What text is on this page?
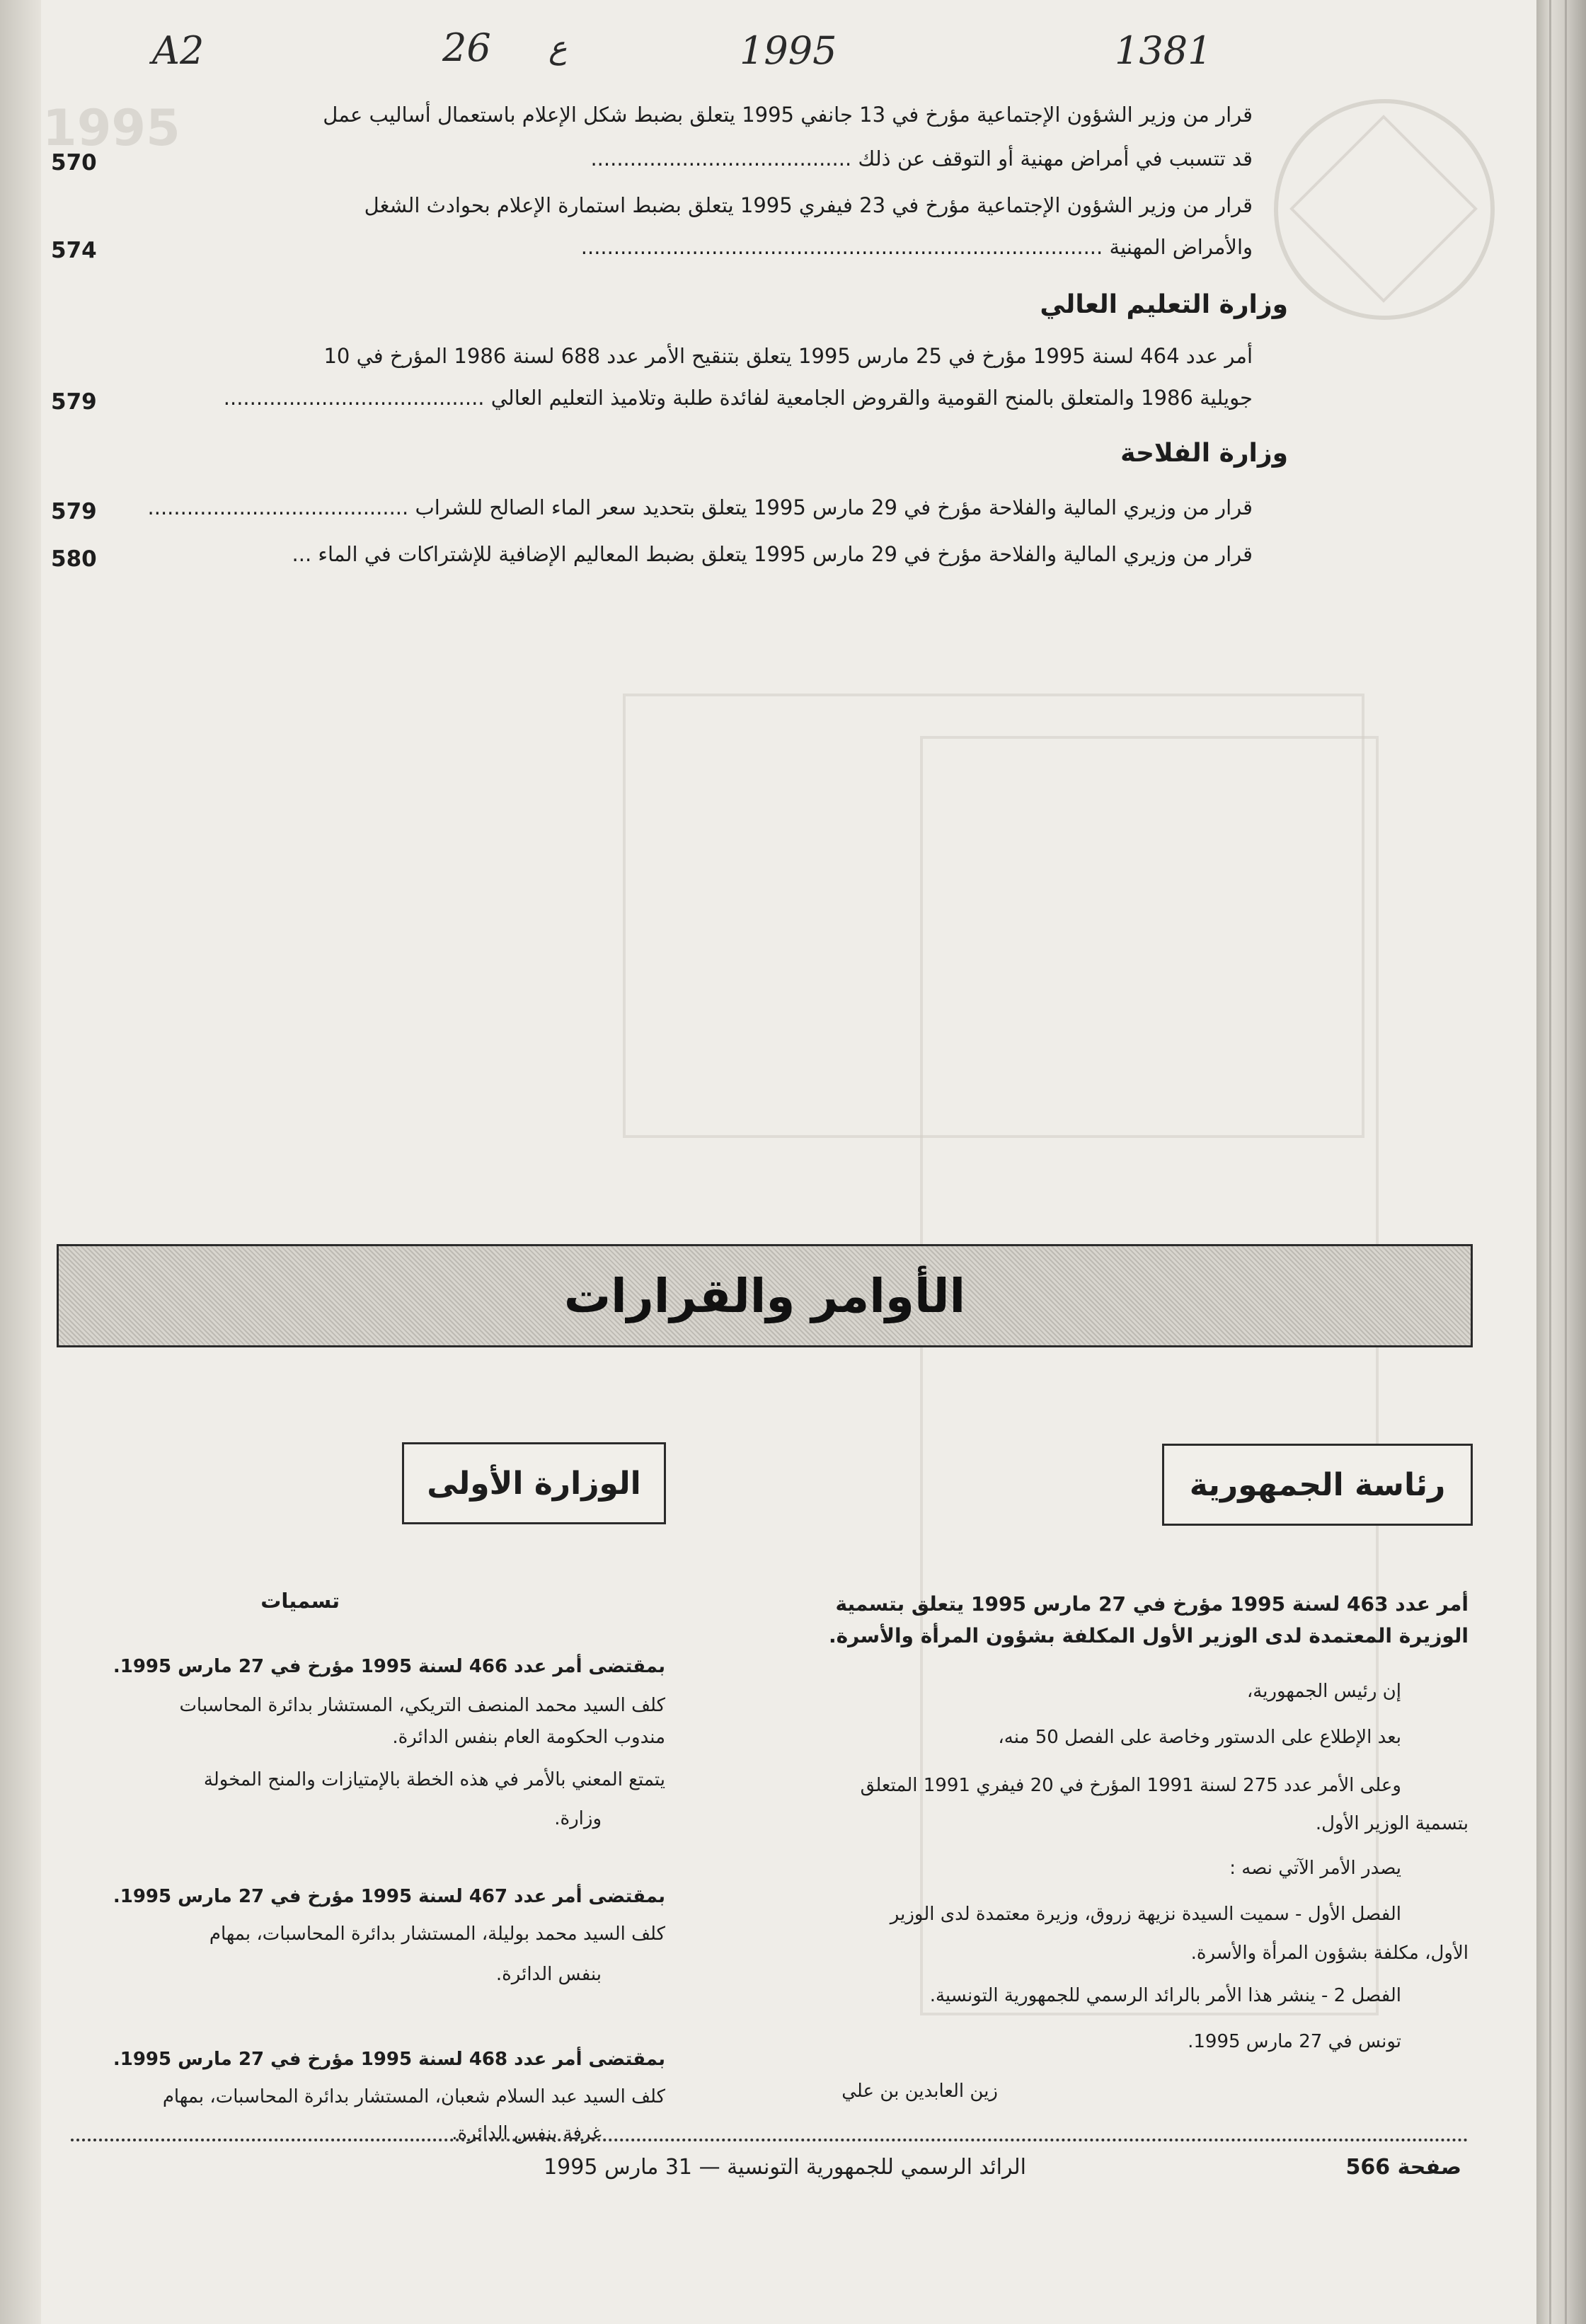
1995
A2	26 ع	1995	1381
قرار من وزير الشؤون الإجتماعية مؤرخ في 13 جانفي 1995 يتعلق بضبط شكل الإعلام باستعمال أساليب عمل
قد تتسبب في أمراض مهنية أو التوقف عن ذلك ........................................
570
قرار من وزير الشؤون الإجتماعية مؤرخ في 23 فيفري 1995 يتعلق بضبط استمارة الإعلام بحوادث الشغل
والأمراض المهنية ................................................................................
574
وزارة التعليم العالي
أمر عدد 464 لسنة 1995 مؤرخ في 25 مارس 1995 يتعلق بتنقيح الأمر عدد 688 لسنة 1986 المؤرخ في 10
جويلية 1986 والمتعلق بالمنح القومية والقروض الجامعية لفائدة طلبة وتلاميذ التعليم العالي ........................................
579
وزارة الفلاحة
قرار من وزيري المالية والفلاحة مؤرخ في 29 مارس 1995 يتعلق بتحديد سعر الماء الصالح للشراب ........................................
579
قرار من وزيري المالية والفلاحة مؤرخ في 29 مارس 1995 يتعلق بضبط المعاليم الإضافية للإشتراكات في الماء ...
580
الأوامر والقرارات
رئاسة الجمهورية
الوزارة الأولى
أمر عدد 463 لسنة 1995 مؤرخ في 27 مارس 1995 يتعلق بتسمية
الوزيرة المعتمدة لدى الوزير الأول المكلفة بشؤون المرأة والأسرة.
إن رئيس الجمهورية،
بعد الإطلاع على الدستور وخاصة على الفصل 50 منه،
وعلى الأمر عدد 275 لسنة 1991 المؤرخ في 20 فيفري 1991 المتعلق
بتسمية الوزير الأول.
يصدر الأمر الآتي نصه :
الفصل الأول - سميت السيدة نزيهة زروق، وزيرة معتمدة لدى الوزير
الأول، مكلفة بشؤون المرأة والأسرة.
الفصل 2 - ينشر هذا الأمر بالرائد الرسمي للجمهورية التونسية.
تونس في 27 مارس 1995.
زين العابدين بن علي
تسميات
بمقتضى أمر عدد 466 لسنة 1995 مؤرخ في 27 مارس 1995.
كلف السيد محمد المنصف التريكي، المستشار بدائرة المحاسبات
مندوب الحكومة العام بنفس الدائرة.
يتمتع المعني بالأمر في هذه الخطة بالإمتيازات والمنح المخولة
وزارة.
بمقتضى أمر عدد 467 لسنة 1995 مؤرخ في 27 مارس 1995.
كلف السيد محمد بوليلة، المستشار بدائرة المحاسبات، بمهام
بنفس الدائرة.
بمقتضى أمر عدد 468 لسنة 1995 مؤرخ في 27 مارس 1995.
كلف السيد عبد السلام شعبان، المستشار بدائرة المحاسبات، بمهام
غرفة بنفس الدائرة.
صفحة 566
الرائد الرسمي للجمهورية التونسية — 31 مارس 1995
